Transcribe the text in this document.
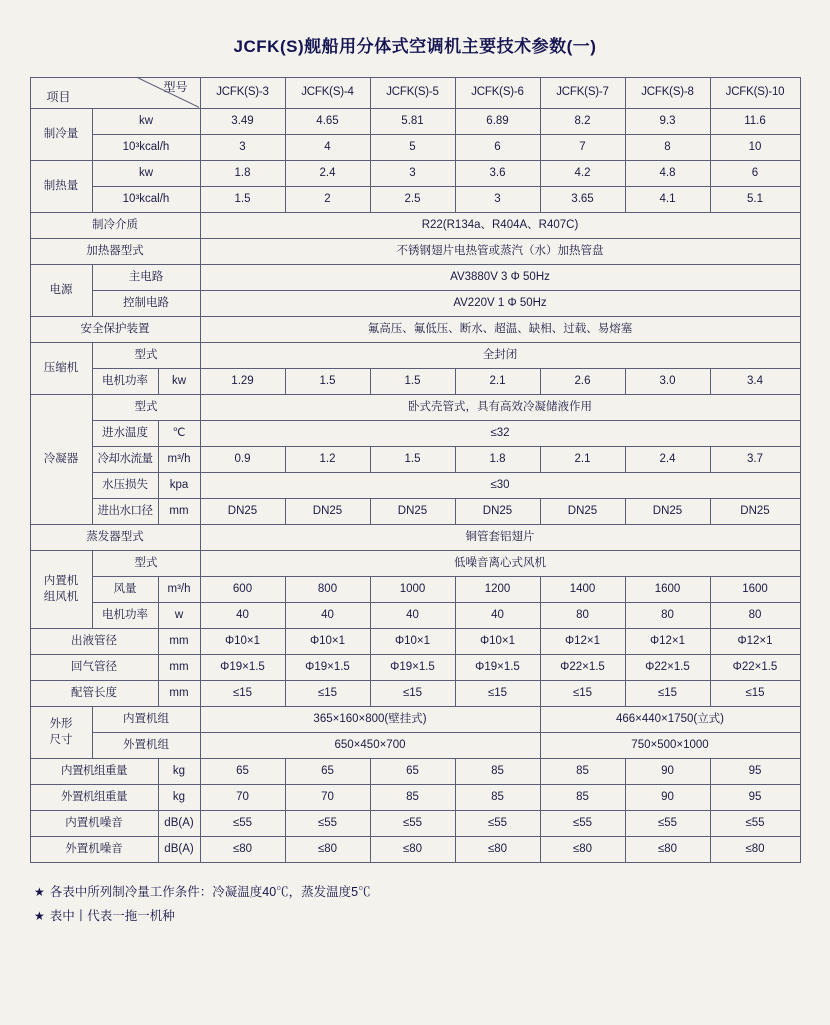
JCFK(S)舰船用分体式空调机主要技术参数(一)
项目
型号			JCFK(S)-3	JCFK(S)-4	JCFK(S)-5	JCFK(S)-6	JCFK(S)-7	JCFK(S)-8	JCFK(S)-10
制冷量	kw		3.49	4.65	5.81	6.89	8.2	9.3	11.6
	10³kcal/h		3	4	5	6	7	8	10
制热量	kw		1.8	2.4	3	3.6	4.2	4.8	6
	10³kcal/h		1.5	2	2.5	3	3.65	4.1	5.1
制冷介质			R22(R134a、R404A、R407C)						
加热器型式			不锈钢翅片电热管或蒸汽（水）加热管盘						
电源	主电路		AV3880V 3 Φ 50Hz						
	控制电路		AV220V 1 Φ 50Hz						
安全保护装置			氟高压、氟低压、断水、超温、缺相、过载、易熔塞						
压缩机	型式		全封闭						
	电机功率	kw	1.29	1.5	1.5	2.1	2.6	3.0	3.4
冷凝器	型式		卧式壳管式，具有高效冷凝储液作用						
	进水温度	℃	≤32						
	冷却水流量	m³/h	0.9	1.2	1.5	1.8	2.1	2.4	3.7
	水压损失	kpa	≤30						
	进出水口径	mm	DN25	DN25	DN25	DN25	DN25	DN25	DN25
蒸发器型式			铜管套铝翅片						
内置机
组风机	型式		低噪音离心式风机						
	风量	m³/h	600	800	1000	1200	1400	1600	1600
	电机功率	w	40	40	40	40	80	80	80
出液管径		mm	Φ10×1	Φ10×1	Φ10×1	Φ10×1	Φ12×1	Φ12×1	Φ12×1
回气管径		mm	Φ19×1.5	Φ19×1.5	Φ19×1.5	Φ19×1.5	Φ22×1.5	Φ22×1.5	Φ22×1.5
配管长度		mm	≤15	≤15	≤15	≤15	≤15	≤15	≤15
外形
尺寸	内置机组		365×160×800(壁挂式)				466×440×1750(立式)		
	外置机组		650×450×700				750×500×1000		
内置机组重量		kg	65	65	65	85	85	90	95
外置机组重量		kg	70	70	85	85	85	90	95
内置机噪音		dB(A)	≤55	≤55	≤55	≤55	≤55	≤55	≤55
外置机噪音		dB(A)	≤80	≤80	≤80	≤80	≤80	≤80	≤80
★ 各表中所列制冷量工作条件：冷凝温度40℃，蒸发温度5℃
★ 表中丨代表一拖一机种
